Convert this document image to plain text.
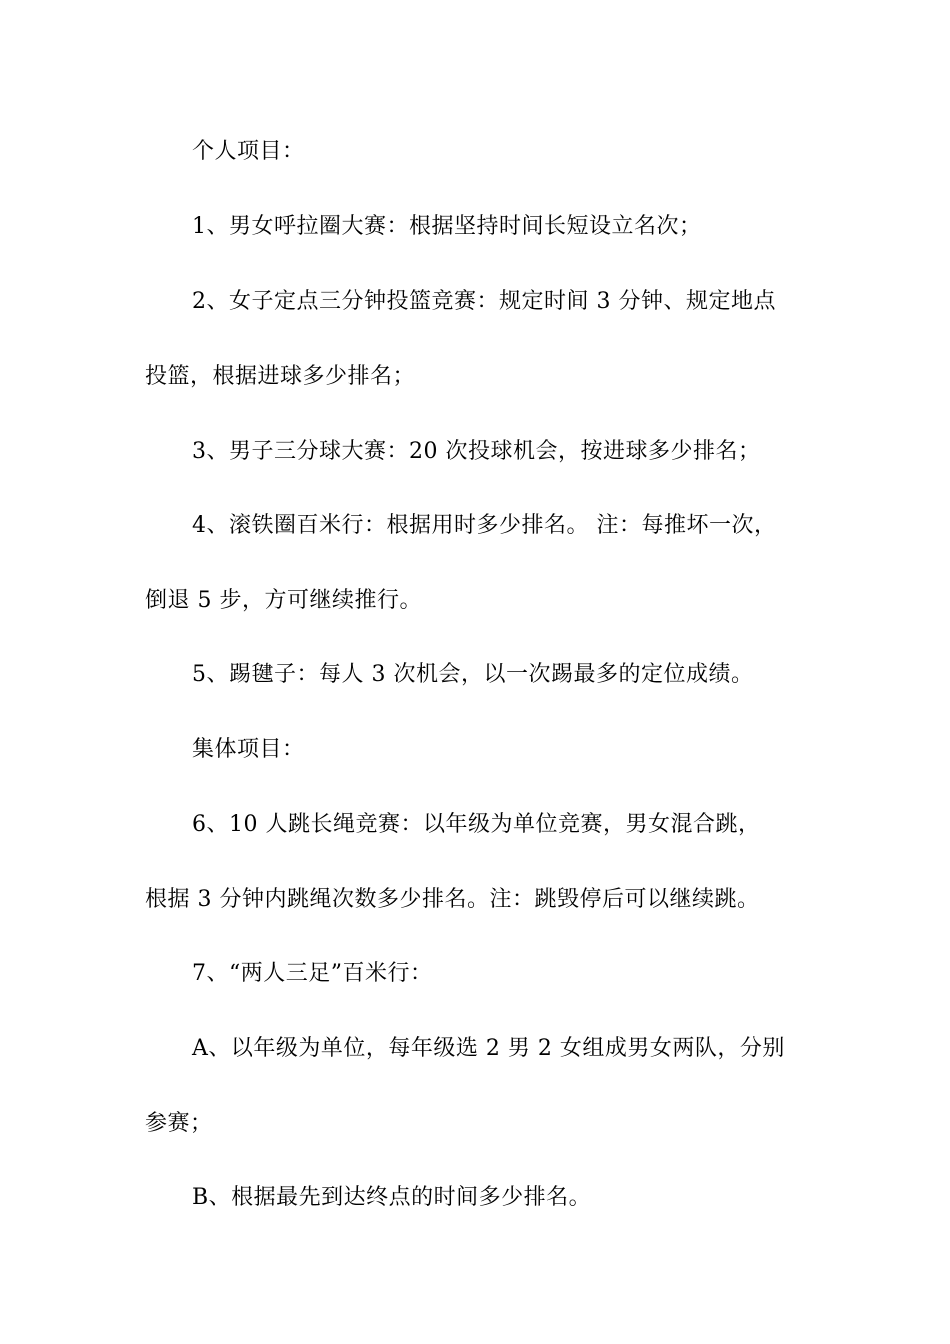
个人项目：
1、男女呼拉圈大赛：根据坚持时间长短设立名次；
2、女子定点三分钟投篮竞赛：规定时间 3 分钟、规定地点
投篮，根据进球多少排名；
3、男子三分球大赛：20 次投球机会，按进球多少排名；
4、滚铁圈百米行：根据用时多少排名。 注：每推坏一次，
倒退 5 步，方可继续推行。
5、踢毽子：每人 3 次机会，以一次踢最多的定位成绩。
集体项目：
6、10 人跳长绳竞赛：以年级为单位竞赛，男女混合跳，
根据 3 分钟内跳绳次数多少排名。注：跳毁停后可以继续跳。
7、“两人三足”百米行：
A、以年级为单位，每年级选 2 男 2 女组成男女两队，分别
参赛；
B、根据最先到达终点的时间多少排名。
